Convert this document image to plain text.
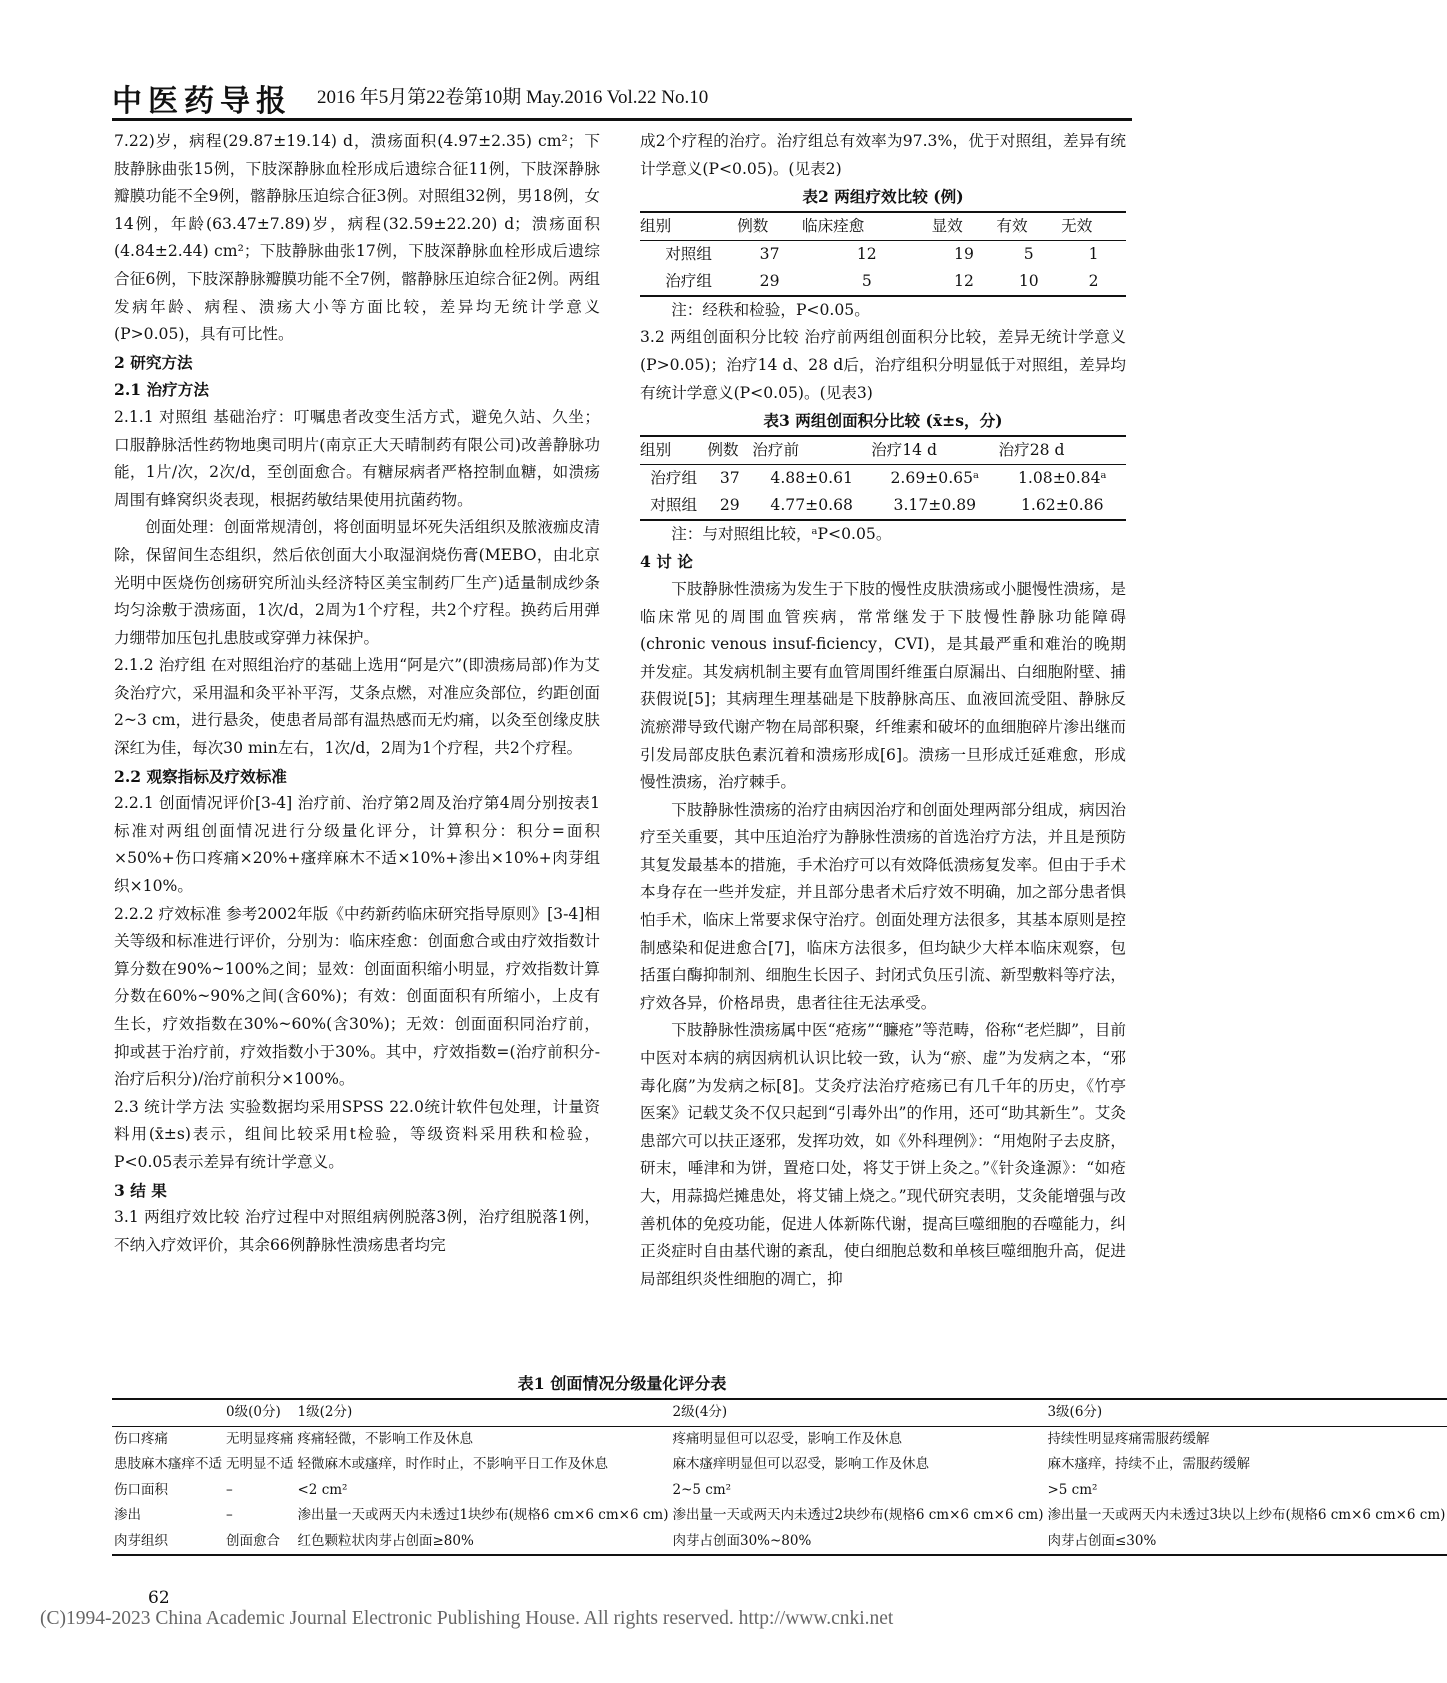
中医药导报 2016 年5月第22卷第10期 May.2016 Vol.22 No.10

7.22)岁，病程(29.87±19.14) d，溃疡面积(4.97±2.35) cm²；下肢静脉曲张15例，下肢深静脉血栓形成后遗综合征11例，下肢深静脉瓣膜功能不全9例，髂静脉压迫综合征3例。对照组32例，男18例，女14例，年龄(63.47±7.89)岁，病程(32.59±22.20) d；溃疡面积(4.84±2.44) cm²；下肢静脉曲张17例，下肢深静脉血栓形成后遗综合征6例，下肢深静脉瓣膜功能不全7例，髂静脉压迫综合征2例。两组发病年龄、病程、溃疡大小等方面比较，差异均无统计学意义(P>0.05)，具有可比性。

2 研究方法

2.1 治疗方法

2.1.1 对照组 基础治疗：叮嘱患者改变生活方式，避免久站、久坐；口服静脉活性药物地奥司明片(南京正大天晴制药有限公司)改善静脉功能，1片/次，2次/d，至创面愈合。有糖尿病者严格控制血糖，如溃疡周围有蜂窝织炎表现，根据药敏结果使用抗菌药物。

创面处理：创面常规清创，将创面明显坏死失活组织及脓液痂皮清除，保留间生态组织，然后依创面大小取湿润烧伤膏(MEBO，由北京光明中医烧伤创疡研究所汕头经济特区美宝制药厂生产)适量制成纱条均匀涂敷于溃疡面，1次/d，2周为1个疗程，共2个疗程。换药后用弹力绷带加压包扎患肢或穿弹力袜保护。

2.1.2 治疗组 在对照组治疗的基础上选用“阿是穴”(即溃疡局部)作为艾灸治疗穴，采用温和灸平补平泻，艾条点燃，对准应灸部位，约距创面2~3 cm，进行悬灸，使患者局部有温热感而无灼痛，以灸至创缘皮肤深红为佳，每次30 min左右，1次/d，2周为1个疗程，共2个疗程。

2.2 观察指标及疗效标准

2.2.1 创面情况评价[3-4] 治疗前、治疗第2周及治疗第4周分别按表1标准对两组创面情况进行分级量化评分，计算积分：积分=面积×50%+伤口疼痛×20%+瘙痒麻木不适×10%+渗出×10%+肉芽组织×10%。

2.2.2 疗效标准 参考2002年版《中药新药临床研究指导原则》[3-4]相关等级和标准进行评价，分别为：临床痊愈：创面愈合或由疗效指数计算分数在90%~100%之间；显效：创面面积缩小明显，疗效指数计算分数在60%~90%之间(含60%)；有效：创面面积有所缩小，上皮有生长，疗效指数在30%~60%(含30%)；无效：创面面积同治疗前，抑或甚于治疗前，疗效指数小于30%。其中，疗效指数=(治疗前积分-治疗后积分)/治疗前积分×100%。

2.3 统计学方法 实验数据均采用SPSS 22.0统计软件包处理，计量资料用(x̄±s)表示，组间比较采用t检验，等级资料采用秩和检验，P<0.05表示差异有统计学意义。

3 结 果

3.1 两组疗效比较 治疗过程中对照组病例脱落3例，治疗组脱落1例，不纳入疗效评价，其余66例静脉性溃疡患者均完

成2个疗程的治疗。治疗组总有效率为97.3%，优于对照组，差异有统计学意义(P<0.05)。(见表2)

表2 两组疗效比较 (例)

组别	例数	临床痊愈	显效	有效	无效
对照组	37	12	19	5	1
治疗组	29	5	12	10	2

注：经秩和检验，P<0.05。

3.2 两组创面积分比较 治疗前两组创面积分比较，差异无统计学意义(P>0.05)；治疗14 d、28 d后，治疗组积分明显低于对照组，差异均有统计学意义(P<0.05)。(见表3)

表3 两组创面积分比较 (x̄±s，分)

组别	例数	治疗前	治疗14 d	治疗28 d
治疗组	37	4.88±0.61	2.69±0.65ᵃ	1.08±0.84ᵃ
对照组	29	4.77±0.68	3.17±0.89	1.62±0.86

注：与对照组比较，ᵃP<0.05。

4 讨 论

下肢静脉性溃疡为发生于下肢的慢性皮肤溃疡或小腿慢性溃疡，是临床常见的周围血管疾病，常常继发于下肢慢性静脉功能障碍(chronic venous insuf-ficiency，CVI)，是其最严重和难治的晚期并发症。其发病机制主要有血管周围纤维蛋白原漏出、白细胞附壁、捕获假说[5]；其病理生理基础是下肢静脉高压、血液回流受阻、静脉反流瘀滞导致代谢产物在局部积聚，纤维素和破坏的血细胞碎片渗出继而引发局部皮肤色素沉着和溃疡形成[6]。溃疡一旦形成迁延难愈，形成慢性溃疡，治疗棘手。

下肢静脉性溃疡的治疗由病因治疗和创面处理两部分组成，病因治疗至关重要，其中压迫治疗为静脉性溃疡的首选治疗方法，并且是预防其复发最基本的措施，手术治疗可以有效降低溃疡复发率。但由于手术本身存在一些并发症，并且部分患者术后疗效不明确，加之部分患者惧怕手术，临床上常要求保守治疗。创面处理方法很多，其基本原则是控制感染和促进愈合[7]，临床方法很多，但均缺少大样本临床观察，包括蛋白酶抑制剂、细胞生长因子、封闭式负压引流、新型敷料等疗法，疗效各异，价格昂贵，患者往往无法承受。

下肢静脉性溃疡属中医“疮疡”“臁疮”等范畴，俗称“老烂脚”，目前中医对本病的病因病机认识比较一致，认为“瘀、虚”为发病之本，“邪毒化腐”为发病之标[8]。艾灸疗法治疗疮疡已有几千年的历史，《竹亭医案》记载艾灸不仅只起到“引毒外出”的作用，还可“助其新生”。艾灸患部穴可以扶正逐邪，发挥功效，如《外科理例》：“用炮附子去皮脐，研末，唾津和为饼，置疮口处，将艾于饼上灸之。”《针灸逢源》：“如疮大，用蒜捣烂摊患处，将艾铺上烧之。”现代研究表明，艾灸能增强与改善机体的免疫功能，促进人体新陈代谢，提高巨噬细胞的吞噬能力，纠正炎症时自由基代谢的紊乱，使白细胞总数和单核巨噬细胞升高，促进局部组织炎性细胞的凋亡，抑

表1 创面情况分级量化评分表

	0级(0分)	1级(2分)	2级(4分)	3级(6分)
伤口疼痛	无明显疼痛	疼痛轻微，不影响工作及休息	疼痛明显但可以忍受，影响工作及休息	持续性明显疼痛需服药缓解
患肢麻木瘙痒不适	无明显不适	轻微麻木或瘙痒，时作时止，不影响平日工作及休息	麻木瘙痒明显但可以忍受，影响工作及休息	麻木瘙痒，持续不止，需服药缓解
伤口面积	–	<2 cm²	2~5 cm²	>5 cm²
渗出	–	渗出量一天或两天内未透过1块纱布(规格6 cm×6 cm×6 cm)	渗出量一天或两天内未透过2块纱布(规格6 cm×6 cm×6 cm)	渗出量一天或两天内未透过3块以上纱布(规格6 cm×6 cm×6 cm)
肉芽组织	创面愈合	红色颗粒状肉芽占创面≥80%	肉芽占创面30%~80%	肉芽占创面≤30%
62
(C)1994-2023 China Academic Journal Electronic Publishing House. All rights reserved. http://www.cnki.net
